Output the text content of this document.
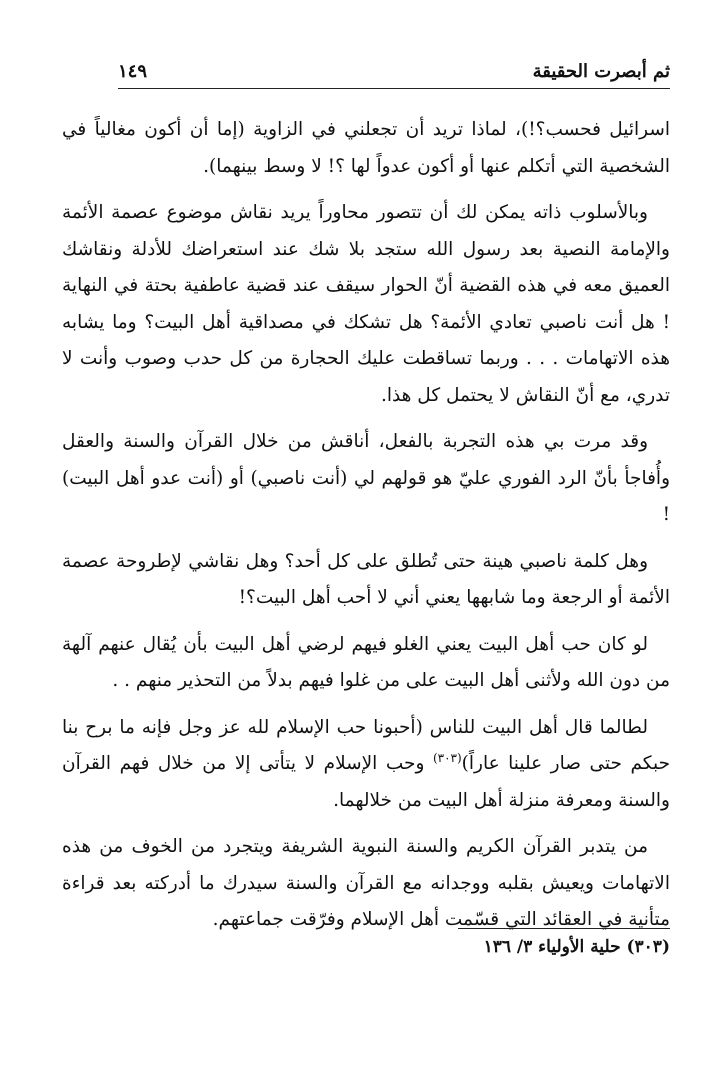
ثم أبصرت الحقيقة
١٤٩

اسرائيل فحسب؟!)، لماذا تريد أن تجعلني في الزاوية (إما أن أكون مغالياً في الشخصية التي أتكلم عنها أو أكون عدواً لها ؟! لا وسط بينهما).

وبالأسلوب ذاته يمكن لك أن تتصور محاوراً يريد نقاش موضوع عصمة الأئمة والإمامة النصية بعد رسول الله ستجد بلا شك عند استعراضك للأدلة ونقاشك العميق معه في هذه القضية أنّ الحوار سيقف عند قضية عاطفية بحتة في النهاية ! هل أنت ناصبي تعادي الأئمة؟ هل تشكك في مصداقية أهل البيت؟ وما يشابه هذه الاتهامات . . . وربما تساقطت عليك الحجارة من كل حدب وصوب وأنت لا تدري، مع أنّ النقاش لا يحتمل كل هذا.

وقد مرت بي هذه التجربة بالفعل، أناقش من خلال القرآن والسنة والعقل وأُفاجأ بأنّ الرد الفوري عليّ هو قولهم لي (أنت ناصبي) أو (أنت عدو أهل البيت) !

وهل كلمة ناصبي هينة حتى تُطلق على كل أحد؟ وهل نقاشي لإطروحة عصمة الأئمة أو الرجعة وما شابهها يعني أني لا أحب أهل البيت؟!

لو كان حب أهل البيت يعني الغلو فيهم لرضي أهل البيت بأن يُقال عنهم آلهة من دون الله ولأثنى أهل البيت على من غلوا فيهم بدلاً من التحذير منهم . .

لطالما قال أهل البيت للناس (أحبونا حب الإسلام لله عز وجل فإنه ما برح بنا حبكم حتى صار علينا عاراً)$^{(٣٠٣)}$ وحب الإسلام لا يتأتى إلا من خلال فهم القرآن والسنة ومعرفة منزلة أهل البيت من خلالهما.

من يتدبر القرآن الكريم والسنة النبوية الشريفة ويتجرد من الخوف من هذه الاتهامات ويعيش بقلبه ووجدانه مع القرآن والسنة سيدرك ما أدركته بعد قراءة متأنية في العقائد التي قسّمت أهل الإسلام وفرّقت جماعتهم.

(٣٠٣) حلية الأولياء ٣/ ١٣٦
